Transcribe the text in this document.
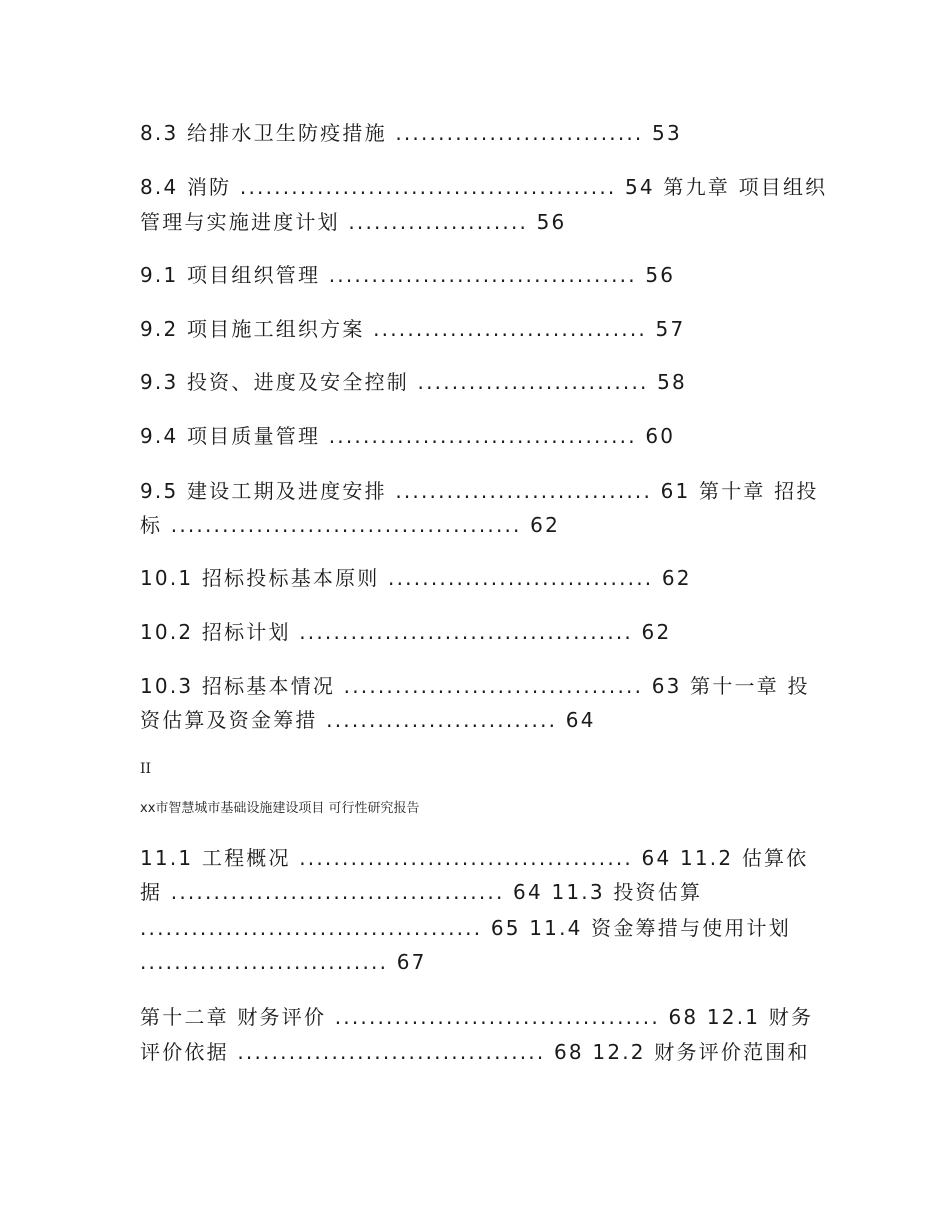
8.3 给排水卫生防疫措施 ............................. 53
8.4 消防 ............................................ 54 第九章 项目组织
管理与实施进度计划 ..................... 56
9.1 项目组织管理 .................................... 56
9.2 项目施工组织方案 ................................ 57
9.3 投资、进度及安全控制 ........................... 58
9.4 项目质量管理 .................................... 60
9.5 建设工期及进度安排 .............................. 61 第十章 招投
标 ......................................... 62
10.1 招标投标基本原则 ............................... 62
10.2 招标计划 ....................................... 62
10.3 招标基本情况 ................................... 63 第十一章 投
资估算及资金筹措 ........................... 64
II
xx市智慧城市基础设施建设项目 可行性研究报告
11.1 工程概况 ....................................... 64 11.2 估算依
据 ....................................... 64 11.3 投资估算
........................................ 65 11.4 资金筹措与使用计划
............................. 67
第十二章 财务评价 ...................................... 68 12.1 财务
评价依据 .................................... 68 12.2 财务评价范围和
